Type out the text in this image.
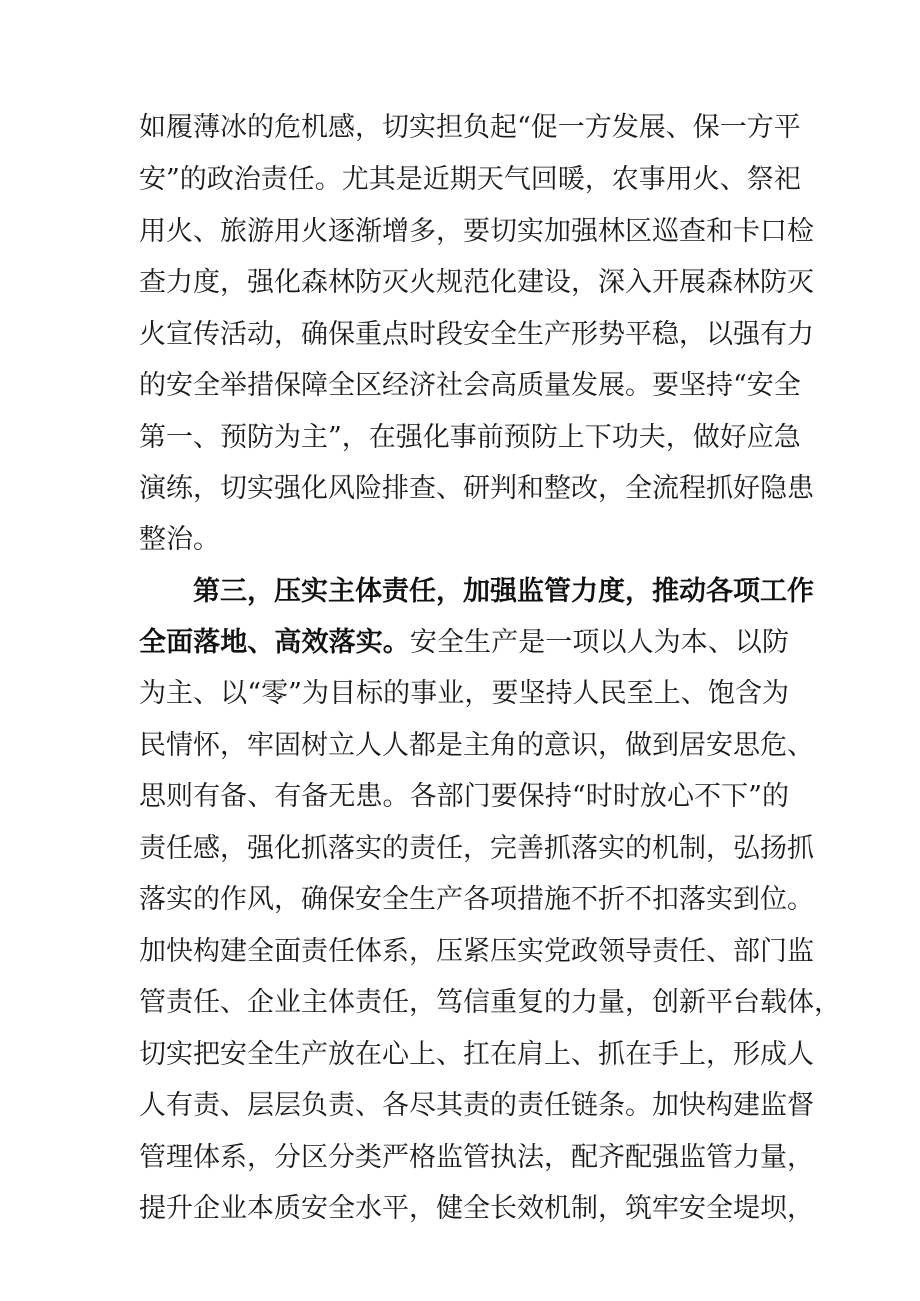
如履薄冰的危机感，切实担负起“促一方发展、保一方平
安”的政治责任。尤其是近期天气回暖，农事用火、祭祀
用火、旅游用火逐渐增多，要切实加强林区巡查和卡口检
查力度，强化森林防灭火规范化建设，深入开展森林防灭
火宣传活动，确保重点时段安全生产形势平稳，以强有力
的安全举措保障全区经济社会高质量发展。要坚持“安全
第一、预防为主”，在强化事前预防上下功夫，做好应急
演练，切实强化风险排查、研判和整改，全流程抓好隐患
整治。
第三，压实主体责任，加强监管力度，推动各项工作
全面落地、高效落实。安全生产是一项以人为本、以防
为主、以“零”为目标的事业，要坚持人民至上、饱含为
民情怀，牢固树立人人都是主角的意识，做到居安思危、
思则有备、有备无患。各部门要保持“时时放心不下”的
责任感，强化抓落实的责任，完善抓落实的机制，弘扬抓
落实的作风，确保安全生产各项措施不折不扣落实到位。
加快构建全面责任体系，压紧压实党政领导责任、部门监
管责任、企业主体责任，笃信重复的力量，创新平台载体，
切实把安全生产放在心上、扛在肩上、抓在手上，形成人
人有责、层层负责、各尽其责的责任链条。加快构建监督
管理体系，分区分类严格监管执法，配齐配强监管力量，
提升企业本质安全水平，健全长效机制，筑牢安全堤坝，
